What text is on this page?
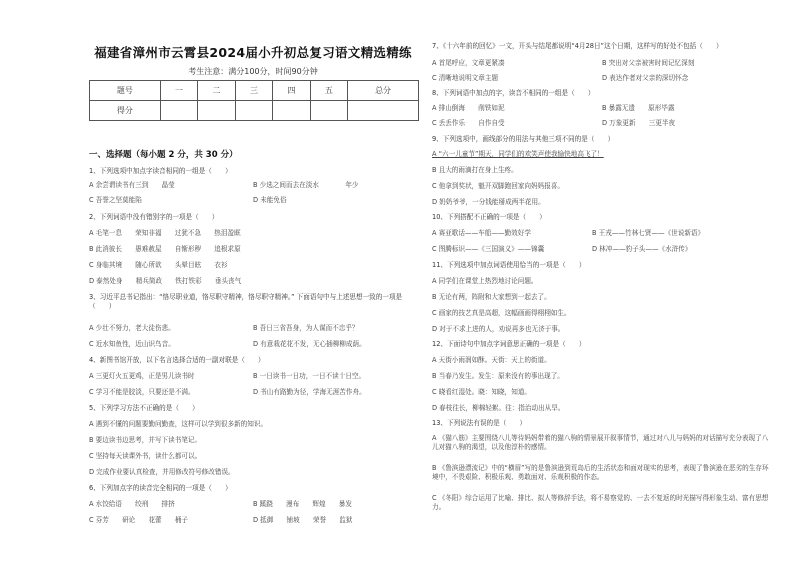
福建省漳州市云霄县2024届小升初总复习语文精选精练
考生注意：满分100分，时间90分钟
题号	一	二	三	四	五	总分
得分						
一、选择题（每小题 2 分，共 30 分）
1、下列选项中加点字读音相同的一组是（　　）
A 余尝谓读书有三到　　晶莹	B 少选之间而去在淡水　　　　年少
C 吾誉之坚莫能陷	D 未能免俗
2、下列词语中没有错别字的一项是（　　）
A 毛笔一息　　荣知非福　　过犹不急　　热泪盈眶
B 此消彼长　　愚难赦屋　　自惭形秽　　追根求原
C 身临其境　　随心所欲　　头晕目眩　　衣衫
D 泰然处身　　精兵简政　　铁打铁彩　　垂头丧气
3、习近平总书记指出：“恪尽职业道，恪尽职守精神，恪尽职守精神。” 下面语句中与上述思想一致的一项是（　　）
A 少壮不努力，老大徒伤悲。	B 吾日三省吾身，为人谋而不忠乎？
C 近水知鱼性，近山识鸟音。	D 有意栽花花不发，无心插柳柳成荫。
4、新图书馆开放，以下名言选择合适的一副对联是（　　）
A 三更灯火五更鸡，正是男儿读书时	B 一日读书一日功，一日不读十日空。
C 学习不能是胶淡，只要还是不满。	D 书山有路勤为径，学海无涯苦作舟。
5、下列学习方法不正确的是（　　）
A 遇到不懂的问题要勤问勤查，这样可以学到很多新的知识。
B 要边读书边思考，并写下读书笔记。
C 坚持每天读课外书，读什么都可以。
D 完成作业要认真检查，并用修改符号修改错误。
6、下列加点字的读音完全相同的一项是（　　）
A 水饺给语　　绞刑　　排挤	B 蹊跷　　漫布　　辉煌　　暴发
C 芬芳　　研论　　花蕾　　桶子	D 抵御　　铺坡　　荣誉　　监狱
7、《十六年前的回忆》一文，开头与结尾都说明“4月28日”这个日期，这样写的好处不包括（　　）
A 首尾呼应，文章更紧凑	B 突出对父亲被害时间记忆深刻
C 清晰地说明文章主题	D 表达作者对父亲的深切怀念
8、下列词语中加点的字，读音不相同的一组是（　　）
A 排山倒海　　削铁如泥	B 暴露无遗　　原形毕露
C 丢丢作乐　　自作自受	D 万象更新　　三更半夜
9、下列选项中，画线部分的用法与其他三项不同的是（　　）
A “六一儿童节”期天，同学们的欢笑声使我愉快地高飞了！
B 且大的雨滴打在身上生疼。
C 他拿到奖状，魁开双脚跑回家向妈妈报喜。
D 奶奶爷爷，一分钱能掰成两半花用。
10、下列搭配不正确的一项是（　　）
A 赛亚歌话——车船——勤效好学	B 王戎——竹林七贤——《世说新语》
C 图腾标识——《三国演义》——锦囊	D 林冲——豹子头——《水浒传》
11、下列选项中加点词语使用恰当的一项是（　　）
A 同学们在课堂上热烈地讨论问题。
B 无论有两，阵附和大家想到一起去了。
C 画家的技艺真是高超，这幅画画得栩栩如生。
D 对于不求上进的人，劝说再多也无济于事。
12、下面诗句中加点字词意思正确的一项是（　　）
A 天街小雨润如酥。天街：天上的街道。
B 当春乃发生。发生：原来没有的事出现了。
C 晓看红湿处。晓：知晓，知道。
D 春枝往长，柳棉轻絮。往：指治动出从旱。
13、下列说法有误的是（　　）
A 《猫八筋》主要围绕八儿等待妈妈带着的猫八驹的情景展开叙事情节，通过对八儿与妈妈的对话描写充分表现了八儿对猫八驹的渴望，以及他淳朴的感情。
B 《鲁滨逊漂流记》中的“横眉”写的是鲁滨逊到荒岛后的生活状态和面对现实的思考，表现了鲁滨逊在恶劣的生存环境中，不畏艰险、积极乐观、勇敢面对、乐观积极的作态。
C 《冬阳》综合运用了比喻、排比、拟人等修辞手法，将不易察觉的、一去不复返的时光描写得形象生动、富有思想力。
